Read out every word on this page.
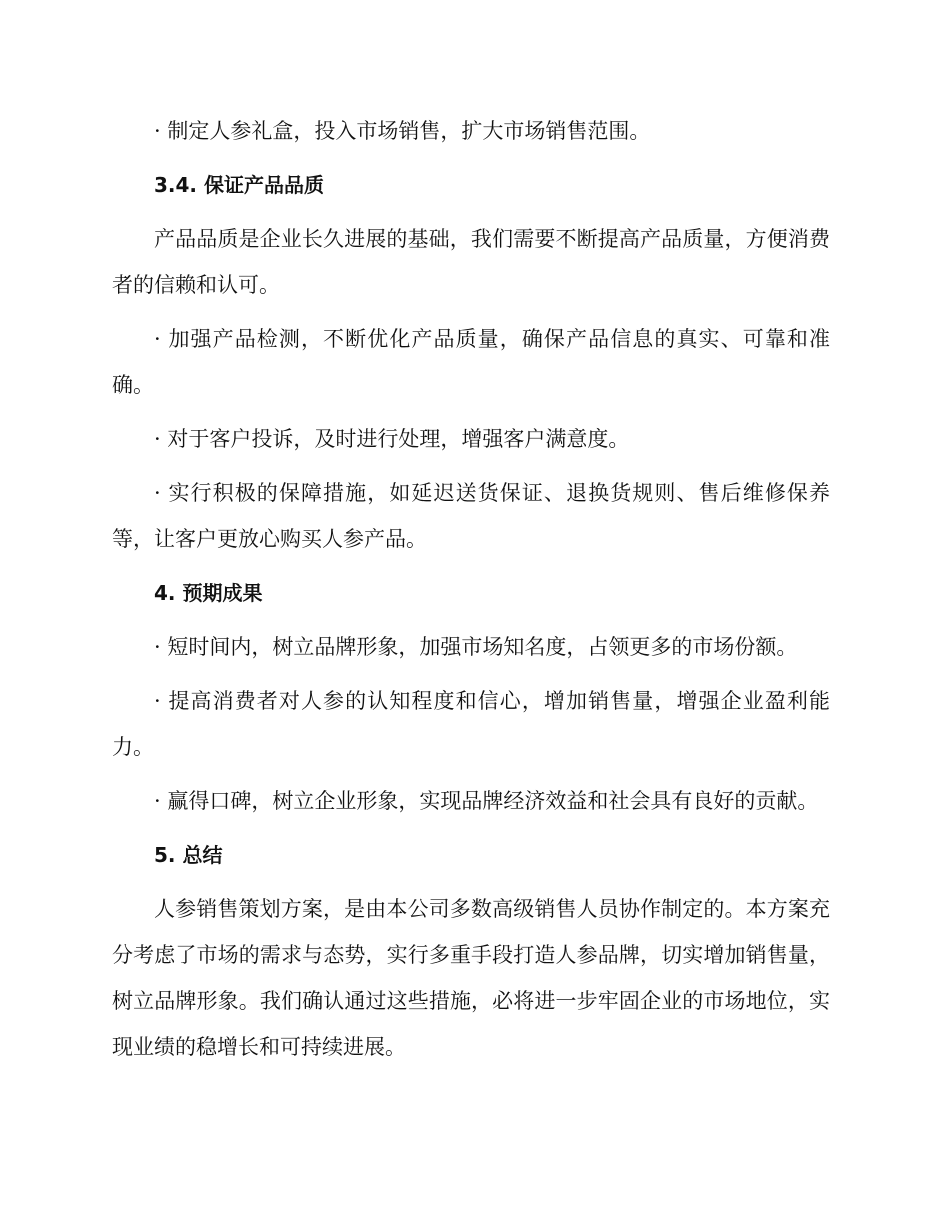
· 制定人参礼盒，投入市场销售，扩大市场销售范围。

3.4. 保证产品品质

产品品质是企业长久进展的基础，我们需要不断提高产品质量，方便消费者的信赖和认可。

· 加强产品检测，不断优化产品质量，确保产品信息的真实、可靠和准确。

· 对于客户投诉，及时进行处理，增强客户满意度。

· 实行积极的保障措施，如延迟送货保证、退换货规则、售后维修保养等，让客户更放心购买人参产品。

4. 预期成果

· 短时间内，树立品牌形象，加强市场知名度，占领更多的市场份额。

· 提高消费者对人参的认知程度和信心，增加销售量，增强企业盈利能力。

· 赢得口碑，树立企业形象，实现品牌经济效益和社会具有良好的贡献。

5. 总结

人参销售策划方案，是由本公司多数高级销售人员协作制定的。本方案充分考虑了市场的需求与态势，实行多重手段打造人参品牌，切实增加销售量，树立品牌形象。我们确认通过这些措施，必将进一步牢固企业的市场地位，实现业绩的稳增长和可持续进展。
